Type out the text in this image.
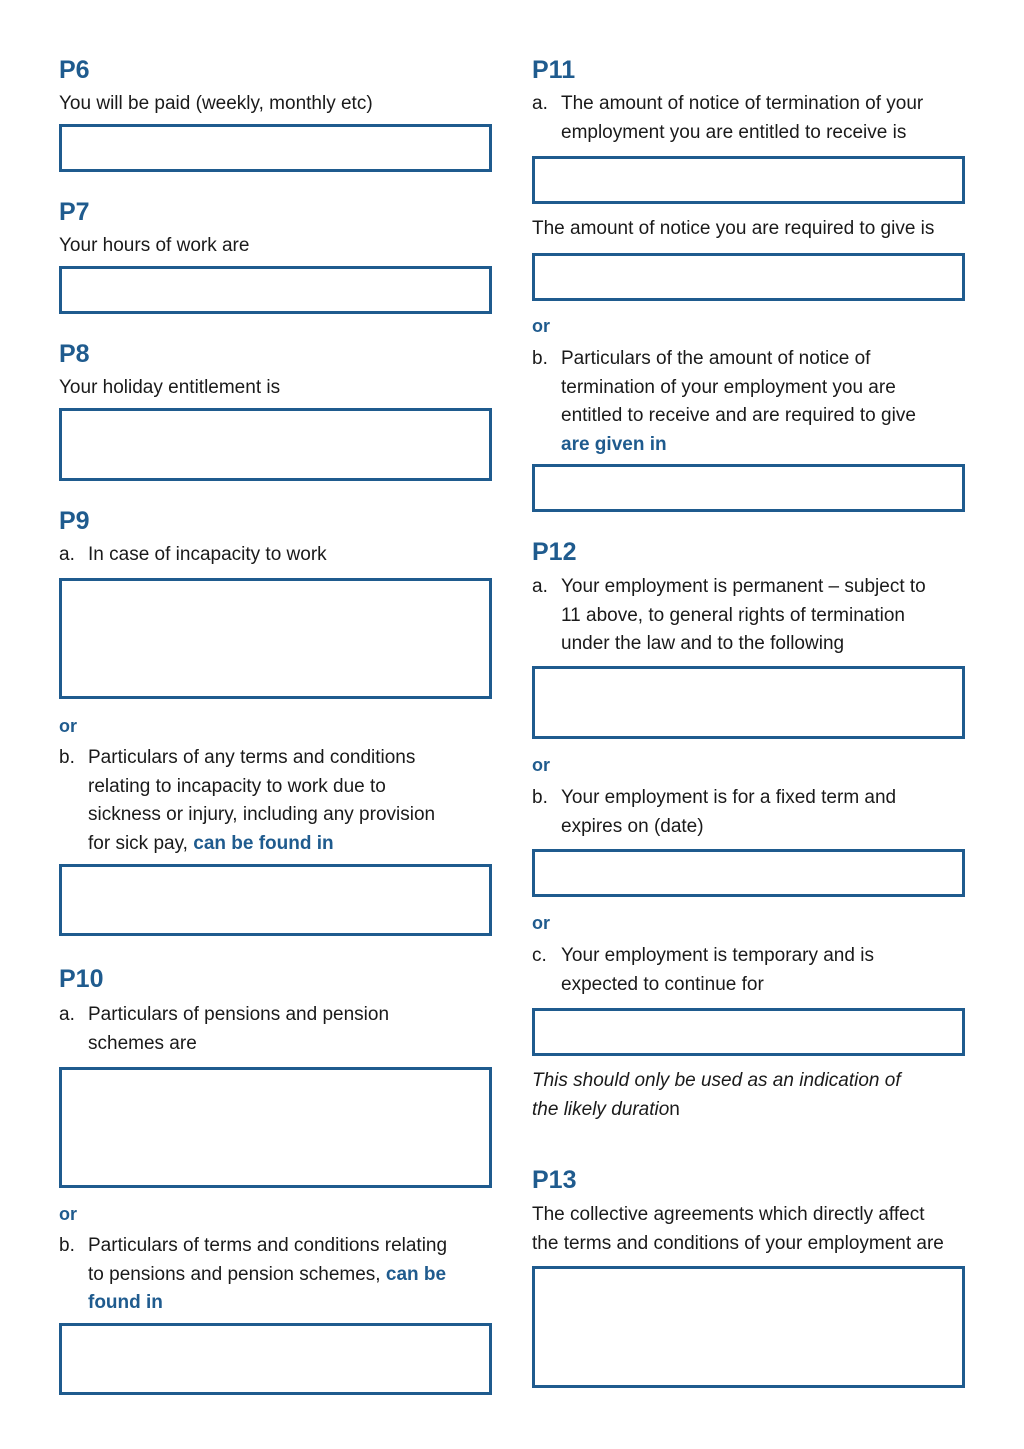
P6
You will be paid (weekly, monthly etc)
P7
Your hours of work are
P8
Your holiday entitlement is
P9
a. In case of incapacity to work
or
b. Particulars of any terms and conditions
relating to incapacity to work due to
sickness or injury, including any provision
for sick pay, can be found in
P10
a. Particulars of pensions and pension
schemes are
or
b. Particulars of terms and conditions relating
to pensions and pension schemes, can be
found in
P11
a. The amount of notice of termination of your
employment you are entitled to receive is
The amount of notice you are required to give is
or
b. Particulars of the amount of notice of
termination of your employment you are
entitled to receive and are required to give
are given in
P12
a. Your employment is permanent – subject to
11 above, to general rights of termination
under the law and to the following
or
b. Your employment is for a fixed term and
expires on (date)
or
c. Your employment is temporary and is
expected to continue for
This should only be used as an indication of
the likely duration
P13
The collective agreements which directly affect
the terms and conditions of your employment are
